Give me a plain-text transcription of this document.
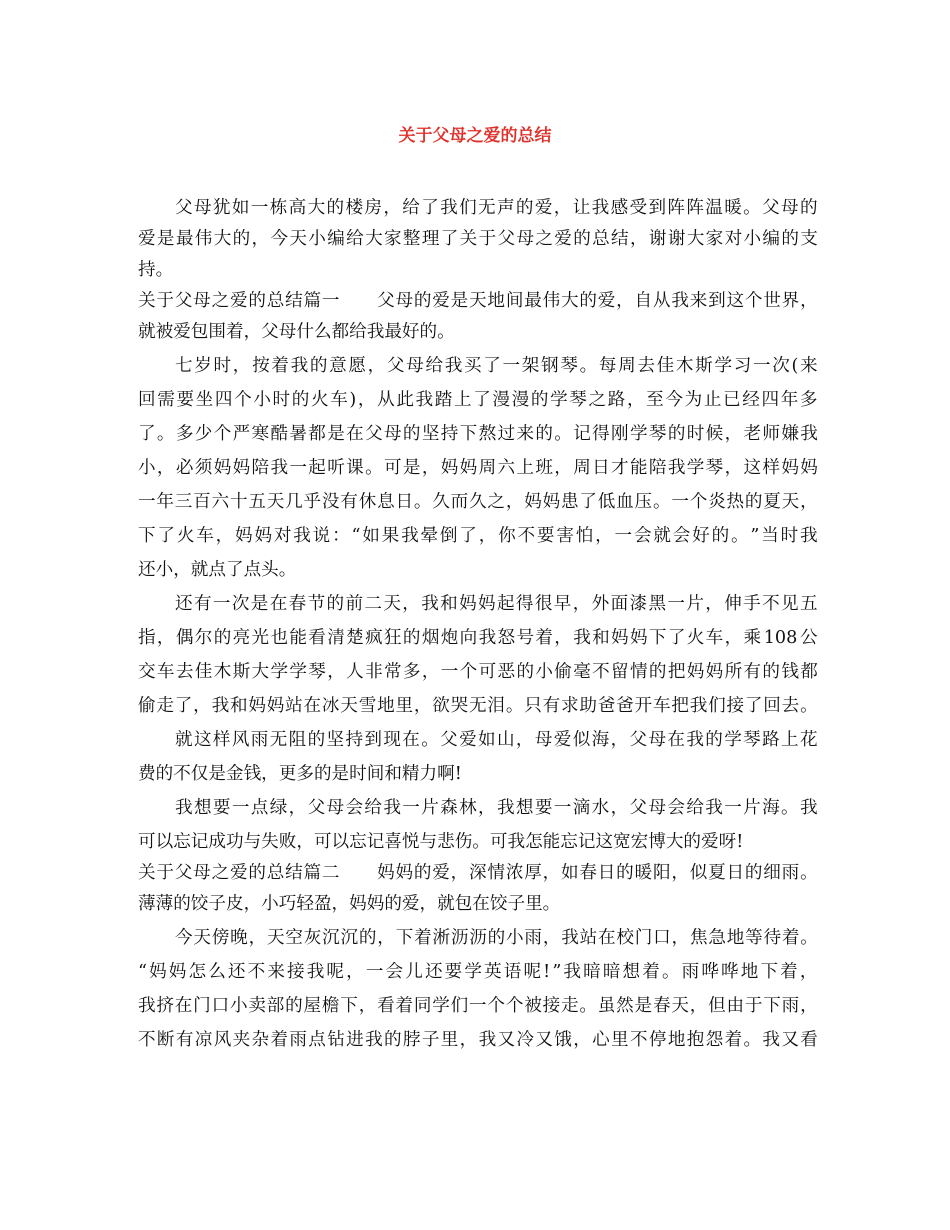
关于父母之爱的总结
父 母 犹 如 一 栋 高 大 的 楼 房 ， 给 了 我 们 无 声 的 爱 ， 让 我 感 受 到 阵 阵 温 暖 。 父 母 的
爱 是 最 伟 大 的 ， 今 天 小 编 给 大 家 整 理 了 关 于 父 母 之 爱 的 总 结 ， 谢 谢 大 家 对 小 编 的 支
持。
关 于 父 母 之 爱 的 总 结 篇 一

　 父 母 的 爱 是 天 地 间 最 伟 大 的 爱 ， 自 从 我 来 到 这 个 世 界 ，
就被爱包围着，父母什么都给我最好的。
七 岁 时 ， 按 着 我 的 意 愿 ， 父 母 给 我 买 了 一 架 钢 琴 。 每 周 去 佳 木 斯 学 习 一 次 ( 来
回 需 要 坐 四 个 小 时 的 火 车 ) ， 从 此 我 踏 上 了 漫 漫 的 学 琴 之 路 ， 至 今 为 止 已 经 四 年 多
了 。 多 少 个 严 寒 酷 暑 都 是 在 父 母 的 坚 持 下 熬 过 来 的 。 记 得 刚 学 琴 的 时 候 ， 老 师 嫌 我
小 ， 必 须 妈 妈 陪 我 一 起 听 课 。 可 是 ， 妈 妈 周 六 上 班 ， 周 日 才 能 陪 我 学 琴 ， 这 样 妈 妈
一 年 三 百 六 十 五 天 几 乎 没 有 休 息 日 。 久 而 久 之 ， 妈 妈 患 了 低 血 压 。 一 个 炎 热 的 夏 天 ，
下 了 火 车 ， 妈 妈 对 我 说 ： “ 如 果 我 晕 倒 了 ， 你 不 要 害 怕 ， 一 会 就 会 好 的 。 ” 当 时 我
还小，就点了点头。
还 有 一 次 是 在 春 节 的 前 二 天 ， 我 和 妈 妈 起 得 很 早 ， 外 面 漆 黑 一 片 ， 伸 手 不 见 五
指 ， 偶 尔 的 亮 光 也 能 看 清 楚 疯 狂 的 烟 炮 向 我 怒 号 着 ， 我 和 妈 妈 下 了 火 车 ， 乘 108 公
交 车 去 佳 木 斯 大 学 学 琴 ， 人 非 常 多 ， 一 个 可 恶 的 小 偷 毫 不 留 情 的 把 妈 妈 所 有 的 钱 都
偷 走 了 ， 我 和 妈 妈 站 在 冰 天 雪 地 里 ， 欲 哭 无 泪 。 只 有 求 助 爸 爸 开 车 把 我 们 接 了 回 去 。
就 这 样 风 雨 无 阻 的 坚 持 到 现 在 。 父 爱 如 山 ， 母 爱 似 海 ， 父 母 在 我 的 学 琴 路 上 花
费的不仅是金钱，更多的是时间和精力啊!
我 想 要 一 点 绿 ， 父 母 会 给 我 一 片 森 林 ， 我 想 要 一 滴 水 ， 父 母 会 给 我 一 片 海 。 我
可以忘记成功与失败，可以忘记喜悦与悲伤。可我怎能忘记这宽宏博大的爱呀!
关 于 父 母 之 爱 的 总 结 篇 二

　 妈 妈 的 爱 ， 深 情 浓 厚 ， 如 春 日 的 暖 阳 ， 似 夏 日 的 细 雨 。
薄薄的饺子皮，小巧轻盈，妈妈的爱，就包在饺子里。
今 天 傍 晚 ， 天 空 灰 沉 沉 的 ， 下 着 淅 沥 沥 的 小 雨 ， 我 站 在 校 门 口 ， 焦 急 地 等 待 着 。
“ 妈 妈 怎 么 还 不 来 接 我 呢 ， 一 会 儿 还 要 学 英 语 呢 ! ” 我 暗 暗 想 着 。 雨 哗 哗 地 下 着 ，
我 挤 在 门 口 小 卖 部 的 屋 檐 下 ， 看 着 同 学 们 一 个 个 被 接 走 。 虽 然 是 春 天 ， 但 由 于 下 雨 ，
不 断 有 凉 风 夹 杂 着 雨 点 钻 进 我 的 脖 子 里 ， 我 又 冷 又 饿 ， 心 里 不 停 地 抱 怨 着 。 我 又 看
